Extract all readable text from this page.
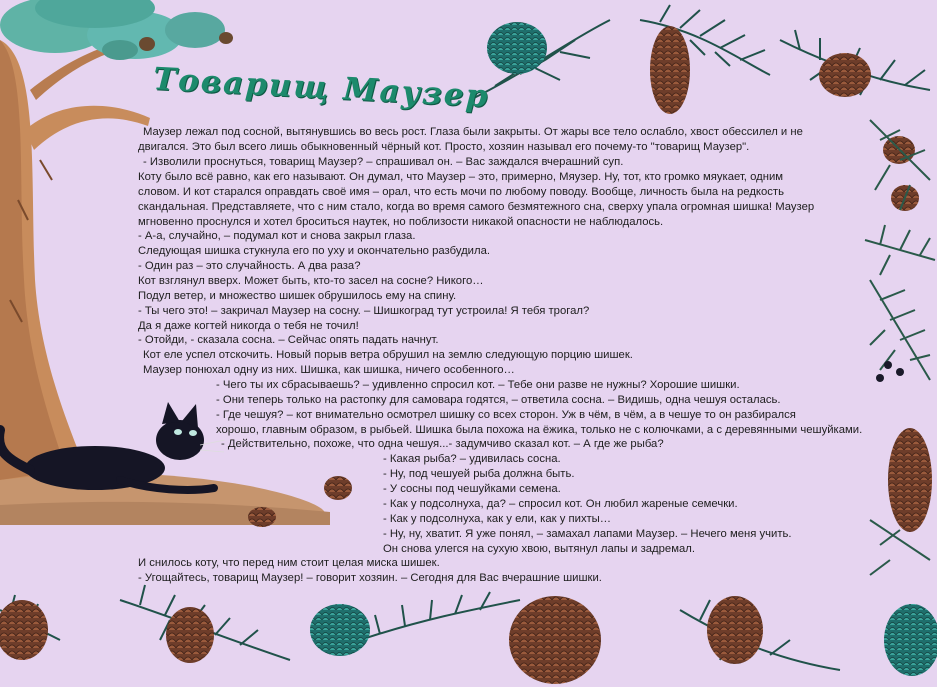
Товарищ Маузер
Маузер лежал под сосной, вытянувшись во весь рост. Глаза были закрыты. От жары все тело ослабло, хвост обессилел и не
двигался. Это был всего лишь обыкновенный чёрный кот. Просто, хозяин называл его почему-то "товарищ Маузер".
- Изволили проснуться, товарищ Маузер? – спрашивал он. – Вас заждался вчерашний суп.
Коту было всё равно, как его называют. Он думал, что Маузер – это, примерно, Мяузер. Ну, тот, кто громко мяукает, одним
словом. И кот старался оправдать своё имя – орал, что есть мочи по любому поводу. Вообще, личность была на редкость
скандальная. Представляете, что с ним стало, когда во время самого безмятежного сна, сверху упала огромная шишка! Маузер
мгновенно проснулся и хотел броситься наутек, но поблизости никакой опасности не наблюдалось.
- А-а, случайно, – подумал кот и снова закрыл глаза.
Следующая шишка стукнула его по уху и окончательно разбудила.
- Один раз – это случайность. А два раза?
Кот взглянул вверх. Может быть, кто-то засел на сосне? Никого…
Подул ветер, и множество шишек обрушилось ему на спину.
- Ты чего это! – закричал Маузер на сосну. – Шишкоград тут устроила! Я тебя трогал?
Да я даже когтей никогда о тебя не точил!
- Отойди, - сказала сосна. – Сейчас опять падать начнут.
Кот еле успел отскочить. Новый порыв ветра обрушил на землю следующую порцию шишек.
Маузер понюхал одну из них. Шишка, как шишка, ничего особенного…
- Чего ты их сбрасываешь? – удивленно спросил кот. – Тебе они разве не нужны? Хорошие шишки.
- Они теперь только на растопку для самовара годятся, – ответила сосна. – Видишь, одна чешуя осталась.
- Где чешуя? – кот внимательно осмотрел шишку со всех сторон. Уж в чём, в чём, а в чешуе то он разбирался
хорошо, главным образом, в рыбьей. Шишка была похожа на ёжика, только не с колючками, а с деревянными чешуйками.
- Действительно, похоже, что одна чешуя...- задумчиво сказал кот. – А где же рыба?
- Какая рыба? – удивилась сосна.
- Ну, под чешуей рыба должна быть.
- У сосны под чешуйками семена.
- Как у подсолнуха, да? – спросил кот. Он любил жареные семечки.
- Как у подсолнуха, как у ели, как у пихты…
- Ну, ну, хватит. Я уже понял, – замахал лапами Маузер. – Нечего меня учить.
Он снова улегся на сухую хвою, вытянул лапы и задремал.
И снилось коту, что перед ним стоит целая миска шишек.
- Угощайтесь, товарищ Маузер! – говорит хозяин. – Сегодня для Вас вчерашние шишки.
